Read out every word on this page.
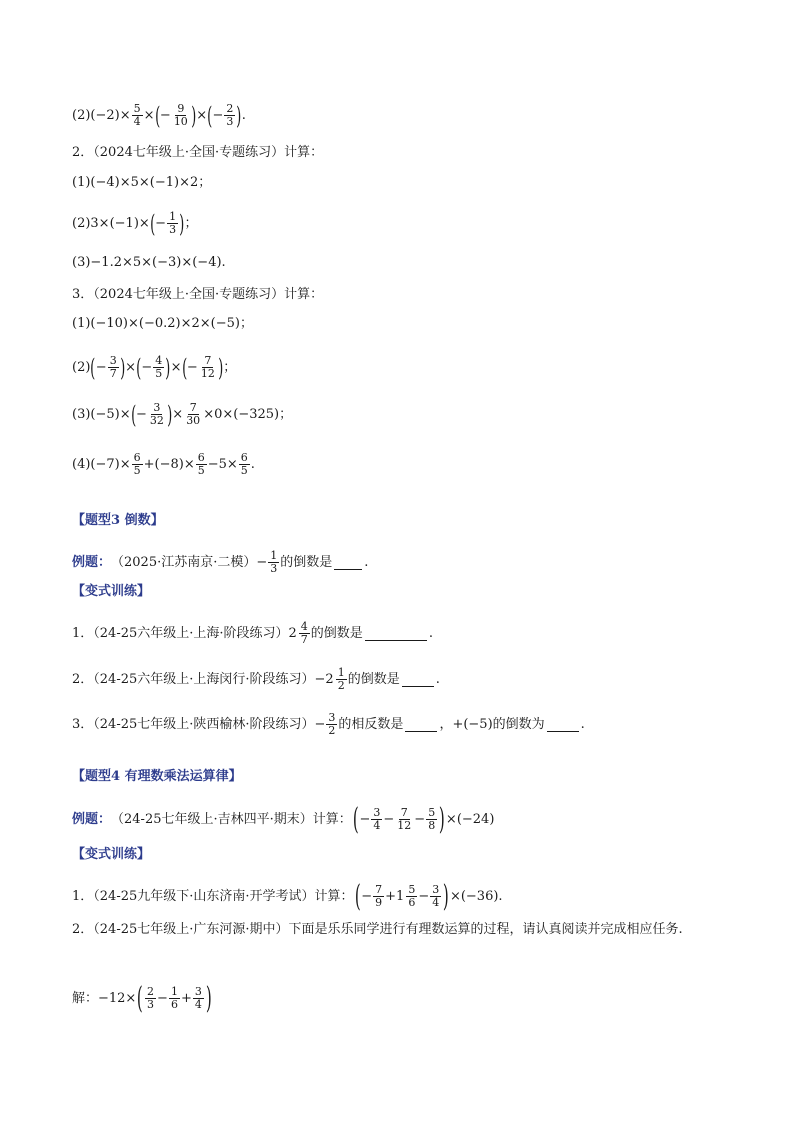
$(2)(-2)\times \frac{5}{4}$ × ( − $\frac{9}{10}$ ) × ( − $\frac{2}{3}$ ) .
2．（2024七年级上·全国·专题练习）计算：
(1)(−4)×5×(−1)×2；
(2)3×(−1)× ( − $\frac{1}{3}$ ) ；
(3)−1.2×5×(−3)×(−4).
3．（2024七年级上·全国·专题练习）计算：
(1)(−10)×(−0.2)×2×(−5)；
(2) ( − $\frac{3}{7}$ ) × ( − $\frac{4}{5}$ ) × ( − $\frac{7}{12}$ ) ；
(3)(−5)× ( − $\frac{3}{32}$ ) × $\frac{7}{30} \times 0\times(-325)$；
$(4)(-7)\times \frac{6}{5} +(-8)\times \frac{6}{5} -5\times \frac{6}{5}$ .
【题型3 倒数】
例题： （2025·江苏南京·二模） − $\frac{1}{3}$ 的倒数是 .
【变式训练】
1．（24-25六年级上·上海·阶段练习） $2 \frac{4}{7}$ 的倒数是	.
2．（24-25六年级上·上海闵行·阶段练习） $-2 \frac{1}{2}$ 的倒数是	.
3．（24-25七年级上·陕西榆林·阶段练习） − $\frac{3}{2}$ 的相反数是	，+(−5)的倒数为	.
【题型4 有理数乘法运算律】
例题： （24-25七年级上·吉林四平·期末）计算： ( − $\frac{3}{4} - \frac{7}{12} - \frac{5}{8}$ ) ×(−24)
【变式训练】
1．（24-25九年级下·山东济南·开学考试）计算： ( − $\frac{7}{9} + 1 \frac{5}{6} - \frac{3}{4}$ ) ×(−36).
2．（24-25七年级上·广东河源·期中）下面是乐乐同学进行有理数运算的过程，请认真阅读并完成相应任务.
解：−12× ( $\frac{2}{3} - \frac{1}{6} + \frac{3}{4}$ )
